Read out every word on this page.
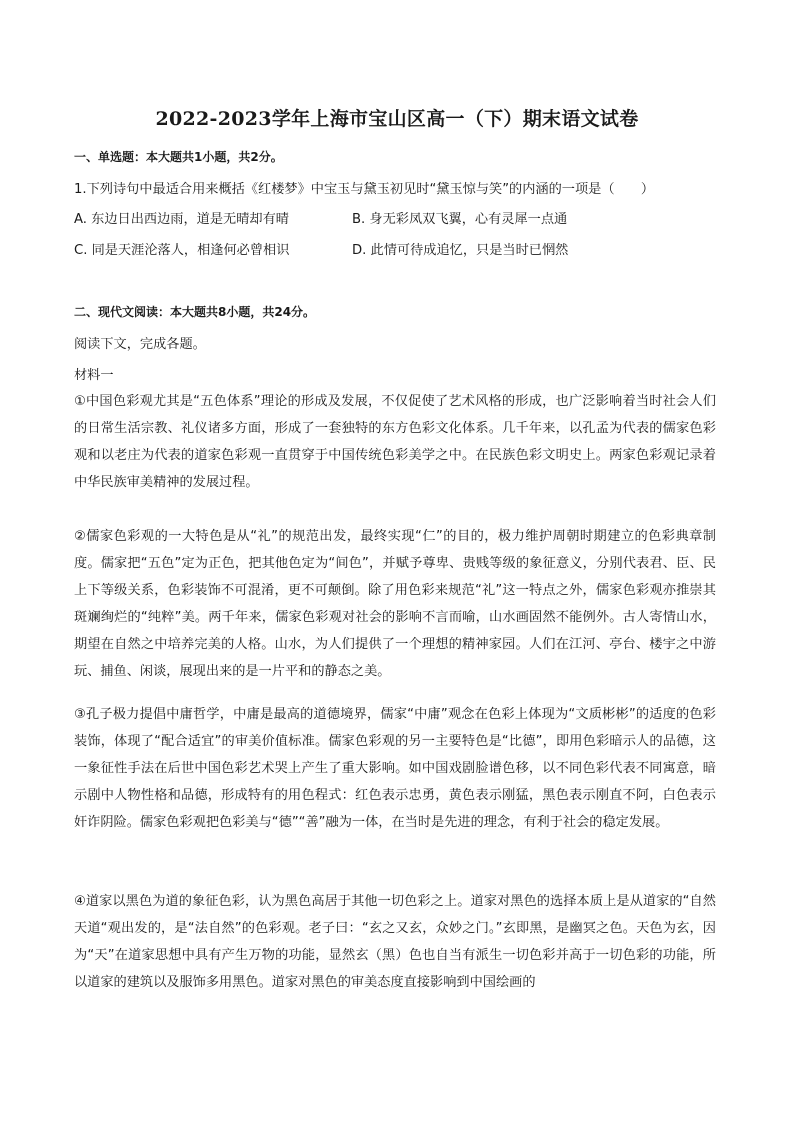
2022-2023学年上海市宝山区高一（下）期末语文试卷
一、单选题：本大题共1小题，共2分。
1.下列诗句中最适合用来概括《红楼梦》中宝玉与黛玉初见时“黛玉惊与笑”的内涵的一项是（　　）
A. 东边日出西边雨，道是无晴却有晴	B. 身无彩凤双飞翼，心有灵犀一点通
C. 同是天涯沦落人，相逢何必曾相识	D. 此情可待成追忆，只是当时已惘然
二、现代文阅读：本大题共8小题，共24分。
阅读下文，完成各题。
材料一
①中国色彩观尤其是“五色体系”理论的形成及发展，不仅促使了艺术风格的形成，也广泛影响着当时社会人们的日常生活宗教、礼仪诸多方面，形成了一套独特的东方色彩文化体系。几千年来，以孔孟为代表的儒家色彩观和以老庄为代表的道家色彩观一直贯穿于中国传统色彩美学之中。在民族色彩文明史上。两家色彩观记录着中华民族审美精神的发展过程。
②儒家色彩观的一大特色是从“礼”的规范出发，最终实现“仁”的目的，极力维护周朝时期建立的色彩典章制度。儒家把“五色”定为正色，把其他色定为“间色”，并赋予尊卑、贵贱等级的象征意义，分别代表君、臣、民上下等级关系，色彩装饰不可混淆，更不可颠倒。除了用色彩来规范“礼”这一特点之外，儒家色彩观亦推崇其斑斓绚烂的“纯粹”美。两千年来，儒家色彩观对社会的影响不言而喻，山水画固然不能例外。古人寄情山水，期望在自然之中培养完美的人格。山水，为人们提供了一个理想的精神家园。人们在江河、亭台、楼宇之中游玩、捕鱼、闲谈，展现出来的是一片平和的静态之美。
③孔子极力提倡中庸哲学，中庸是最高的道德境界，儒家“中庸”观念在色彩上体现为“文质彬彬”的适度的色彩装饰，体现了“配合适宜”的审美价值标准。儒家色彩观的另一主要特色是“比德”，即用色彩暗示人的品德，这一象征性手法在后世中国色彩艺术哭上产生了重大影响。如中国戏剧脸谱色移，以不同色彩代表不同寓意，暗示剧中人物性格和品德，形成特有的用色程式：红色表示忠勇，黄色表示刚猛，黑色表示刚直不阿，白色表示奸诈阴险。儒家色彩观把色彩美与“德”“善”融为一体，在当时是先进的理念，有利于社会的稳定发展。
④道家以黑色为道的象征色彩，认为黑色高居于其他一切色彩之上。道家对黑色的选择本质上是从道家的“自然天道“观出发的，是“法自然”的色彩观。老子曰：“玄之又玄，众妙之门。”玄即黑，是幽冥之色。天色为玄，因为“天”在道家思想中具有产生万物的功能，显然玄（黑）色也自当有派生一切色彩并高于一切色彩的功能，所以道家的建筑以及服饰多用黑色。道家对黑色的审美态度直接影响到中国绘画的
